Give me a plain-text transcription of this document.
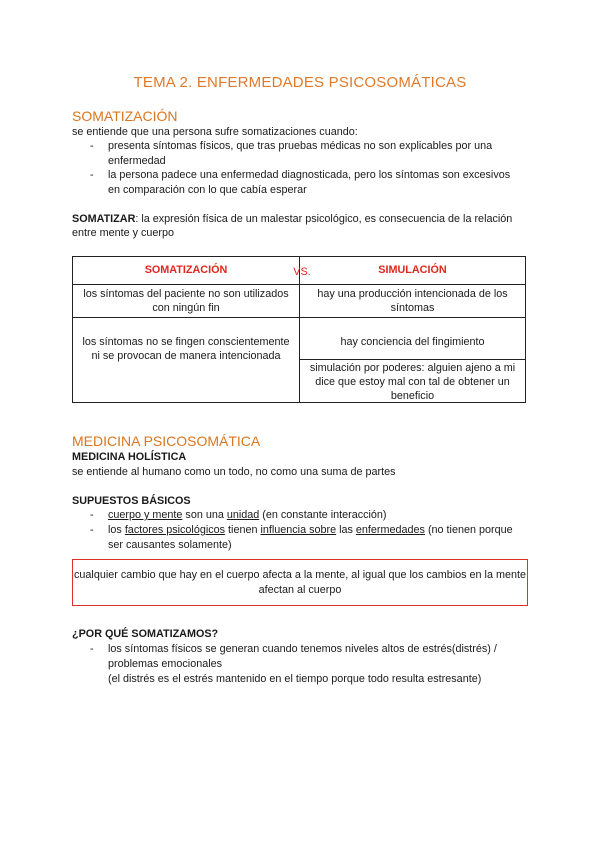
TEMA 2. ENFERMEDADES PSICOSOMÁTICAS
SOMATIZACIÓN
se entiende que una persona sufre somatizaciones cuando:
- presenta síntomas físicos, que tras pruebas médicas no son explicables por una
enfermedad
- la persona padece una enfermedad diagnosticada, pero los síntomas son excesivos
en comparación con lo que cabía esperar
SOMATIZAR: la expresión física de un malestar psicológico, es consecuencia de la relación
entre mente y cuerpo
SOMATIZACIÓN	VS.	SIMULACIÓN
los síntomas del paciente no son utilizados con ningún fin
los síntomas no se fingen conscientemente ni se provocan de manera intencionada
hay una producción intencionada de los síntomas
hay conciencia del fingimiento
simulación por poderes: alguien ajeno a mi dice que estoy mal con tal de obtener un beneficio
MEDICINA PSICOSOMÁTICA
MEDICINA HOLÍSTICA
se entiende al humano como un todo, no como una suma de partes
SUPUESTOS BÁSICOS
- cuerpo y mente son una unidad (en constante interacción)
- los factores psicológicos tienen influencia sobre las enfermedades (no tienen porque
ser causantes solamente)
cualquier cambio que hay en el cuerpo afecta a la mente, al igual que los cambios en la mente afectan al cuerpo
¿POR QUÉ SOMATIZAMOS?
- los síntomas físicos se generan cuando tenemos niveles altos de estrés(distrés) /
problemas emocionales
(el distrés es el estrés mantenido en el tiempo porque todo resulta estresante)
